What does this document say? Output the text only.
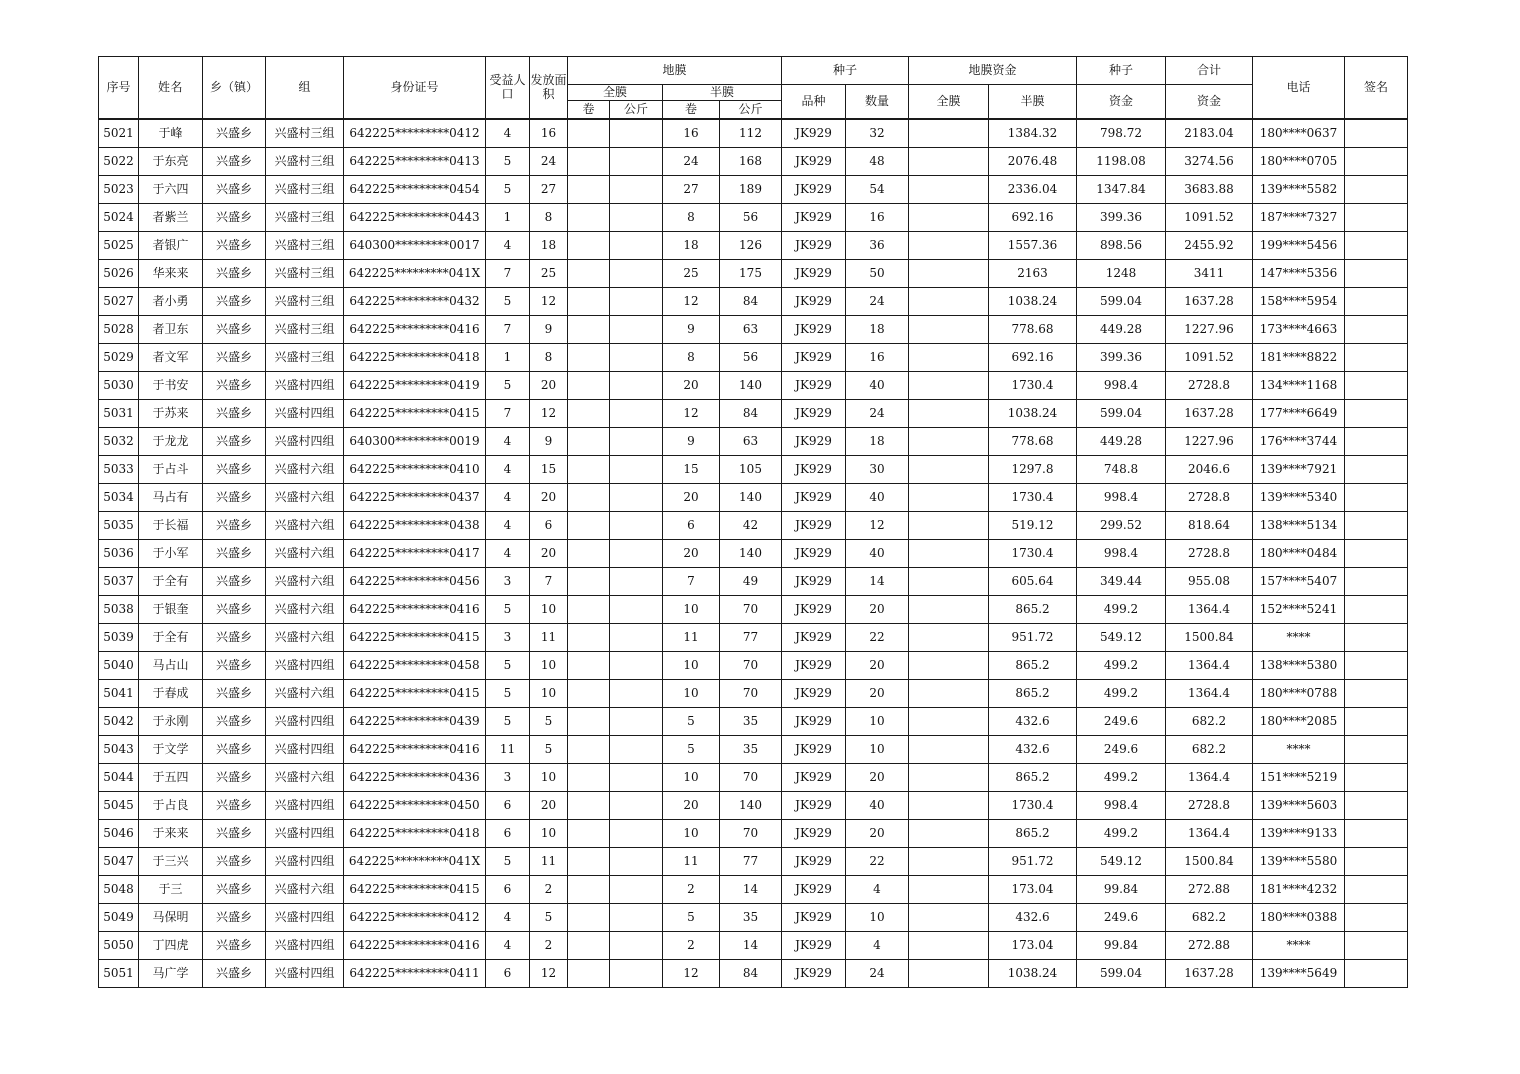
序号	姓名	乡（镇）	组	身份证号	受益人口	发放面积	地膜				种子		地膜资金		种子	合计	电话	签名
							全膜		半膜		品种	数量	全膜	半膜	资金	资金		
							卷	公斤	卷	公斤								
5021	于峰	兴盛乡	兴盛村三组	642225*********0412	4	16			16	112	JK929	32		1384.32	798.72	2183.04	180****0637	
5022	于东亮	兴盛乡	兴盛村三组	642225*********0413	5	24			24	168	JK929	48		2076.48	1198.08	3274.56	180****0705	
5023	于六四	兴盛乡	兴盛村三组	642225*********0454	5	27			27	189	JK929	54		2336.04	1347.84	3683.88	139****5582	
5024	者紫兰	兴盛乡	兴盛村三组	642225*********0443	1	8			8	56	JK929	16		692.16	399.36	1091.52	187****7327	
5025	者银广	兴盛乡	兴盛村三组	640300*********0017	4	18			18	126	JK929	36		1557.36	898.56	2455.92	199****5456	
5026	华来来	兴盛乡	兴盛村三组	642225*********041X	7	25			25	175	JK929	50		2163	1248	3411	147****5356	
5027	者小勇	兴盛乡	兴盛村三组	642225*********0432	5	12			12	84	JK929	24		1038.24	599.04	1637.28	158****5954	
5028	者卫东	兴盛乡	兴盛村三组	642225*********0416	7	9			9	63	JK929	18		778.68	449.28	1227.96	173****4663	
5029	者文军	兴盛乡	兴盛村三组	642225*********0418	1	8			8	56	JK929	16		692.16	399.36	1091.52	181****8822	
5030	于书安	兴盛乡	兴盛村四组	642225*********0419	5	20			20	140	JK929	40		1730.4	998.4	2728.8	134****1168	
5031	于苏来	兴盛乡	兴盛村四组	642225*********0415	7	12			12	84	JK929	24		1038.24	599.04	1637.28	177****6649	
5032	于龙龙	兴盛乡	兴盛村四组	640300*********0019	4	9			9	63	JK929	18		778.68	449.28	1227.96	176****3744	
5033	于占斗	兴盛乡	兴盛村六组	642225*********0410	4	15			15	105	JK929	30		1297.8	748.8	2046.6	139****7921	
5034	马占有	兴盛乡	兴盛村六组	642225*********0437	4	20			20	140	JK929	40		1730.4	998.4	2728.8	139****5340	
5035	于长福	兴盛乡	兴盛村六组	642225*********0438	4	6			6	42	JK929	12		519.12	299.52	818.64	138****5134	
5036	于小军	兴盛乡	兴盛村六组	642225*********0417	4	20			20	140	JK929	40		1730.4	998.4	2728.8	180****0484	
5037	于全有	兴盛乡	兴盛村六组	642225*********0456	3	7			7	49	JK929	14		605.64	349.44	955.08	157****5407	
5038	于银奎	兴盛乡	兴盛村六组	642225*********0416	5	10			10	70	JK929	20		865.2	499.2	1364.4	152****5241	
5039	于全有	兴盛乡	兴盛村六组	642225*********0415	3	11			11	77	JK929	22		951.72	549.12	1500.84	****	
5040	马占山	兴盛乡	兴盛村四组	642225*********0458	5	10			10	70	JK929	20		865.2	499.2	1364.4	138****5380	
5041	于春成	兴盛乡	兴盛村六组	642225*********0415	5	10			10	70	JK929	20		865.2	499.2	1364.4	180****0788	
5042	于永刚	兴盛乡	兴盛村四组	642225*********0439	5	5			5	35	JK929	10		432.6	249.6	682.2	180****2085	
5043	于文学	兴盛乡	兴盛村四组	642225*********0416	11	5			5	35	JK929	10		432.6	249.6	682.2	****	
5044	于五四	兴盛乡	兴盛村六组	642225*********0436	3	10			10	70	JK929	20		865.2	499.2	1364.4	151****5219	
5045	于占良	兴盛乡	兴盛村四组	642225*********0450	6	20			20	140	JK929	40		1730.4	998.4	2728.8	139****5603	
5046	于来来	兴盛乡	兴盛村四组	642225*********0418	6	10			10	70	JK929	20		865.2	499.2	1364.4	139****9133	
5047	于三兴	兴盛乡	兴盛村四组	642225*********041X	5	11			11	77	JK929	22		951.72	549.12	1500.84	139****5580	
5048	于三	兴盛乡	兴盛村六组	642225*********0415	6	2			2	14	JK929	4		173.04	99.84	272.88	181****4232	
5049	马保明	兴盛乡	兴盛村四组	642225*********0412	4	5			5	35	JK929	10		432.6	249.6	682.2	180****0388	
5050	丁四虎	兴盛乡	兴盛村四组	642225*********0416	4	2			2	14	JK929	4		173.04	99.84	272.88	****	
5051	马广学	兴盛乡	兴盛村四组	642225*********0411	6	12			12	84	JK929	24		1038.24	599.04	1637.28	139****5649	
